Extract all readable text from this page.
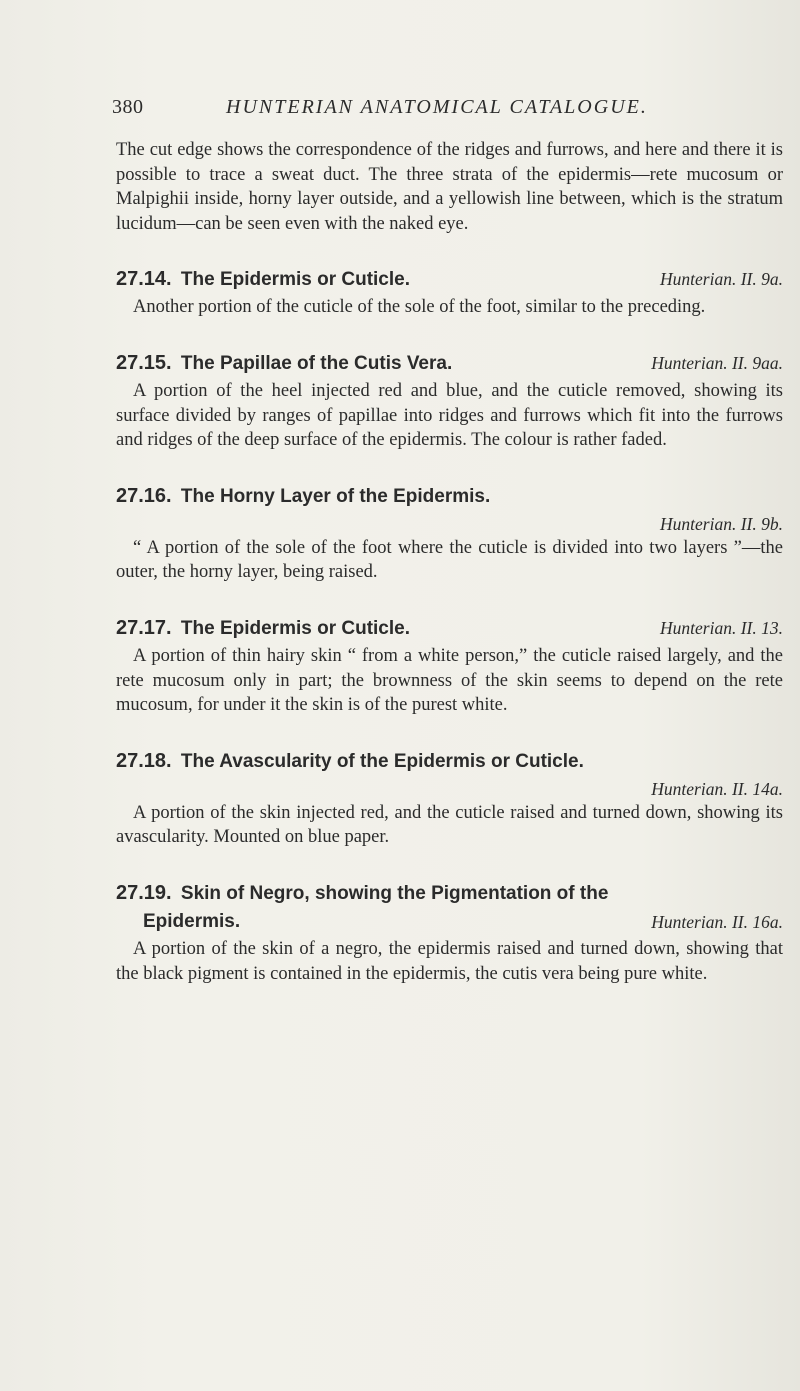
380	HUNTERIAN ANATOMICAL CATALOGUE.

The cut edge shows the correspondence of the ridges and furrows, and here and there it is possible to trace a sweat duct. The three strata of the epidermis—rete mucosum or Malpighii inside, horny layer outside, and a yellowish line between, which is the stratum lucidum—can be seen even with the naked eye.

27.14. The Epidermis or Cuticle.	Hunterian. II. 9a.

Another portion of the cuticle of the sole of the foot, similar to the preceding.

27.15. The Papillae of the Cutis Vera.	Hunterian. II. 9aa.

A portion of the heel injected red and blue, and the cuticle removed, showing its surface divided by ranges of papillae into ridges and furrows which fit into the furrows and ridges of the deep surface of the epidermis. The colour is rather faded.

27.16. The Horny Layer of the Epidermis.
Hunterian. II. 9b.

“ A portion of the sole of the foot where the cuticle is divided into two layers ”—the outer, the horny layer, being raised.

27.17. The Epidermis or Cuticle.	Hunterian. II. 13.

A portion of thin hairy skin “ from a white person,” the cuticle raised largely, and the rete mucosum only in part; the brownness of the skin seems to depend on the rete mucosum, for under it the skin is of the purest white.

27.18. The Avascularity of the Epidermis or Cuticle.
Hunterian. II. 14a.

A portion of the skin injected red, and the cuticle raised and turned down, showing its avascularity. Mounted on blue paper.

27.19. Skin of Negro, showing the Pigmentation of the
Epidermis.	Hunterian. II. 16a.

A portion of the skin of a negro, the epidermis raised and turned down, showing that the black pigment is contained in the epidermis, the cutis vera being pure white.
